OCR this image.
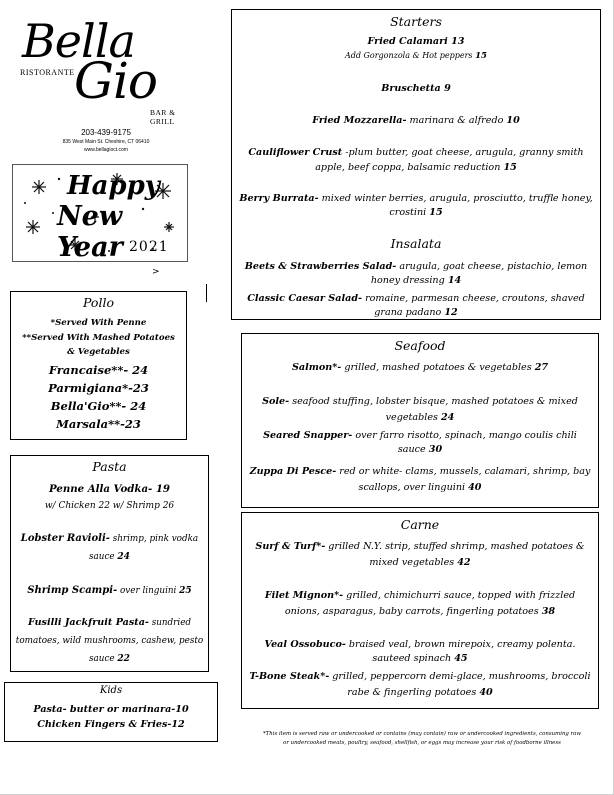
Bella
RISTORANTE Gio
BAR & GRILL
203-439-9175
835 West Main St. Cheshire, CT 06410
www.bellagioct.com
Happy
New Year 2021
>
Pollo
*Served With Penne
**Served With Mashed Potatoes & Vegetables
Francaise**- 24
Parmigiana*-23
Bella'Gio**- 24
Marsala**-23
Pasta
Penne Alla Vodka- 19
w/ Chicken 22 w/ Shrimp 26
Lobster Ravioli- shrimp, pink vodka sauce 24
Shrimp Scampi- over linguini 25
Fusilli Jackfruit Pasta- sundried tomatoes, wild mushrooms, cashew, pesto sauce 22
Kids
Pasta- butter or marinara-10
Chicken Fingers & Fries-12
Starters
Fried Calamari 13
Add Gorgonzola & Hot peppers 15
Bruschetta 9
Fried Mozzarella- marinara & alfredo 10
Cauliflower Crust -plum butter, goat cheese, arugula, granny smith apple, beef coppa, balsamic reduction 15
Berry Burrata- mixed winter berries, arugula, prosciutto, truffle honey, crostini 15
Insalata
Beets & Strawberries Salad- arugula, goat cheese, pistachio, lemon honey dressing 14
Classic Caesar Salad- romaine, parmesan cheese, croutons, shaved grana padano 12
Seafood
Salmon*- grilled, mashed potatoes & vegetables 27
Sole- seafood stuffing, lobster bisque, mashed potatoes & mixed vegetables 24
Seared Snapper- over farro risotto, spinach, mango coulis chili sauce 30
Zuppa Di Pesce- red or white- clams, mussels, calamari, shrimp, bay scallops, over linguini 40
Carne
Surf & Turf*- grilled N.Y. strip, stuffed shrimp, mashed potatoes & mixed vegetables 42
Filet Mignon*- grilled, chimichurri sauce, topped with frizzled onions, asparagus, baby carrots, fingerling potatoes 38
Veal Ossobuco- braised veal, brown mirepoix, creamy polenta. sauteed spinach 45
T-Bone Steak*- grilled, peppercorn demi-glace, mushrooms, broccoli rabe & fingerling potatoes 40
*This item is served raw or undercooked or contains (may contain) raw or undercooked ingredients, consuming raw or undercooked meats, poultry, seafood, shellfish, or eggs may increase your risk of foodborne illness
